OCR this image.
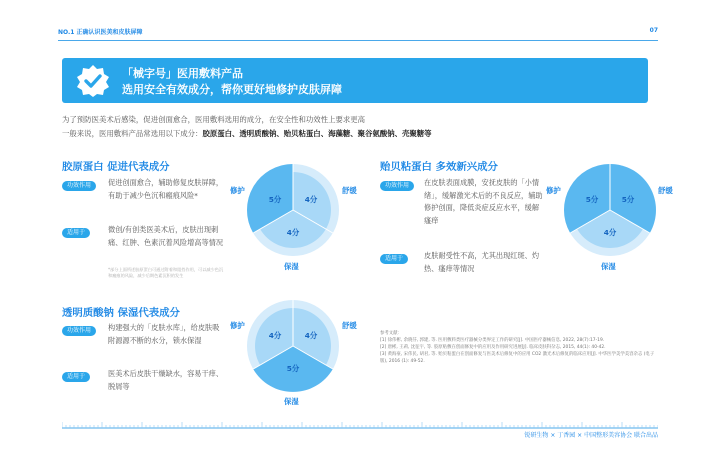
NO.1 正确认识医美和皮肤屏障	07
「械字号」医用敷料产品
选用安全有效成分，帮你更好地修护皮肤屏障
为了预防医美术后感染，促进创面愈合，医用敷料选用的成分，在安全性和功效性上要求更高
一般来说，医用敷料产品常选用以下成分：胶原蛋白、透明质酸钠、贻贝粘蛋白、海藻糖、聚谷氨酸钠、壳聚糖等
胶原蛋白 促进代表成分
功效作用	促进创面愈合，辅助修复皮肤屏障，有助于减少色沉和瘢痕风险*
适用于	微创/有创类医美术后，皮肤出现刺痛、红肿、色素沉着风险增高等情况
*部分上面所述胶原蛋白可通过附着和阻挡作用，可以减少色沉和瘢痕的风险，减少后期色素沉积的发生
5分	4分
4分
修护	舒缓
保湿
贻贝粘蛋白 多效新兴成分
功效作用	在皮肤表面成膜，安抚皮肤的「小情绪」，缓解激光术后的不良反应，辅助修护创面，降低炎症反应水平，缓解瘙痒
适用于	皮肤耐受性不高，尤其出现红斑、灼热、瘙痒等情况
5分	5分
4分
修护	舒缓
保湿
透明质酸钠 保湿代表成分
功效作用	构建强大的「皮肤水库」，给皮肤吸附源源不断的水分，锁水保湿
适用于	医美术后皮肤干燥缺水，容易干痒、脱屑等
4分	4分
5分
修护	舒缓
保湿
参考文献：
[1] 徐伟彬, 余晓芬, 郭建, 等. 医用敷料类医疗器械分类界定工作的研究[J]. 中国医疗器械信息, 2022, 28(7):17-19.
[2] 唐彬, 王莉, 沈征宇, 等. 胶原贴敷在创面修复中的应用及作用研究进展[J]. 临床皮肤科杂志, 2015, 44(1): 40-42.
[3] 黄海豪, 宋伟民, 胡君, 等. 贻贝粘蛋白在创面修复与医美术后修复中的应用 CO2 激光术后修复的临床应用[J]. 中华医学美学美容杂志 (电子版), 2016 (1): 49-52.
锐研生物 × 丁香园 × 中国整形美容协会 联合出品
